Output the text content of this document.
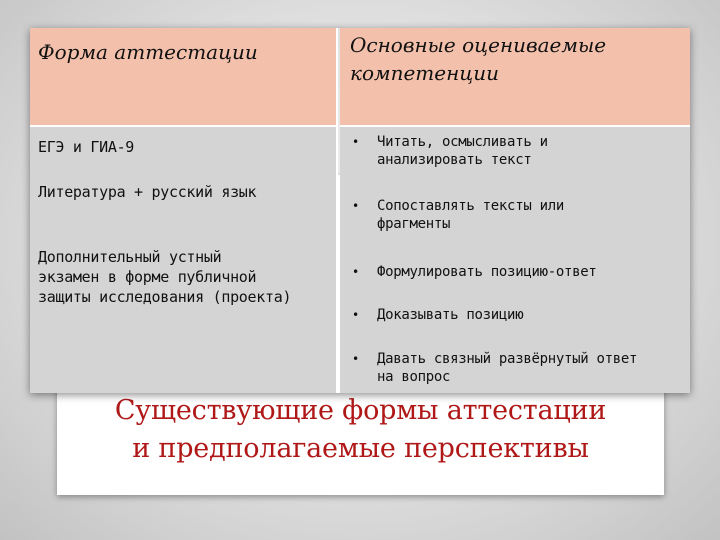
Существующие формы аттестации
и предполагаемые перспективы
Форма аттестации	Основные оцениваемые
компетенции
ЕГЭ и ГИА-9
Литература + русский язык
Дополнительный устный
экзамен в форме публичной
защиты исследования (проекта)
•	Читать, осмысливать и
анализировать текст
•	Сопоставлять тексты или
фрагменты
•	Формулировать позицию-ответ
•	Доказывать позицию
•	Давать связный развёрнутый ответ
на вопрос
